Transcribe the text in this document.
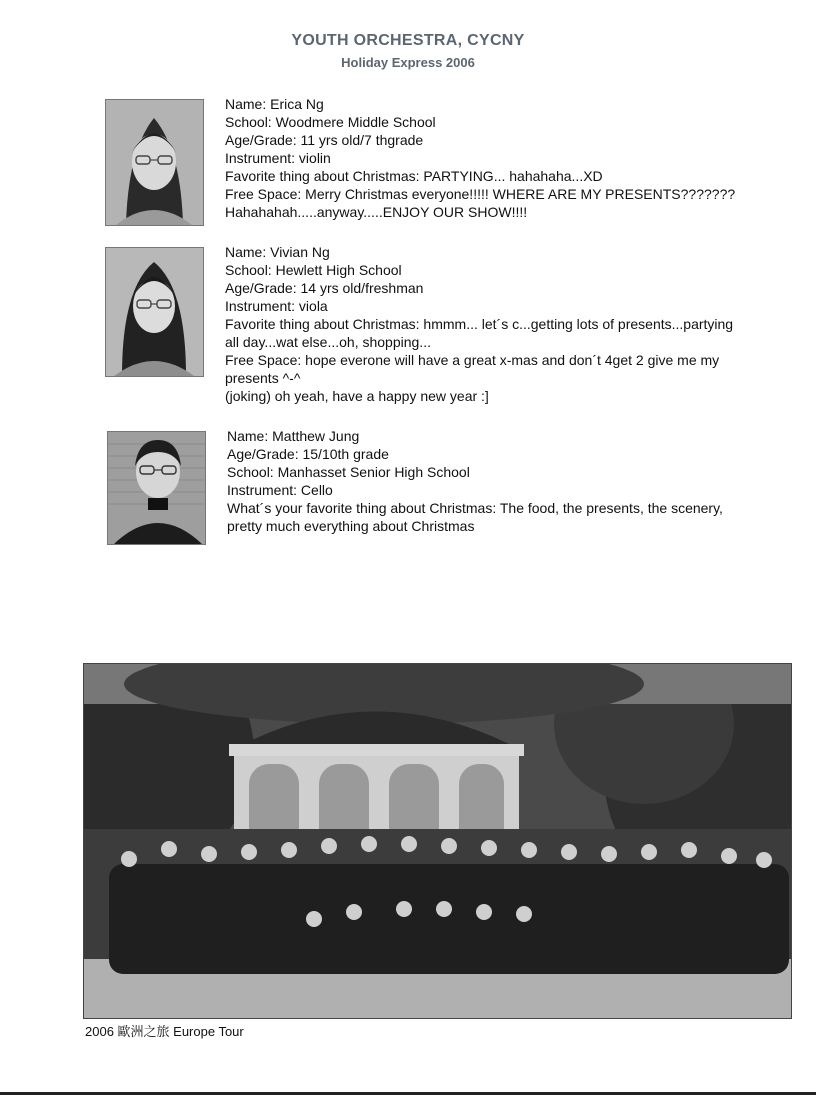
YOUTH ORCHESTRA, CYCNY
Holiday Express 2006
Name: Erica Ng
School: Woodmere Middle School
Age/Grade: 11 yrs old/7 thgrade
Instrument: violin
Favorite thing about Christmas: PARTYING... hahahaha...XD
Free Space: Merry Christmas everyone!!!!! WHERE ARE MY PRESENTS???????
Hahahahah.....anyway.....ENJOY OUR SHOW!!!!
Name: Vivian Ng
School: Hewlett High School
Age/Grade: 14 yrs old/freshman
Instrument: viola
Favorite thing about Christmas: hmmm... let´s c...getting lots of presents...partying
all day...wat else...oh, shopping...
Free Space: hope everone will have a great x-mas and don´t 4get 2 give me my
presents ^-^
(joking) oh yeah, have a happy new year :]
Name: Matthew Jung
Age/Grade: 15/10th grade
School: Manhasset Senior High School
Instrument: Cello
What´s your favorite thing about Christmas: The food, the presents, the scenery,
pretty much everything about Christmas
2006 歐洲之旅 Europe Tour
